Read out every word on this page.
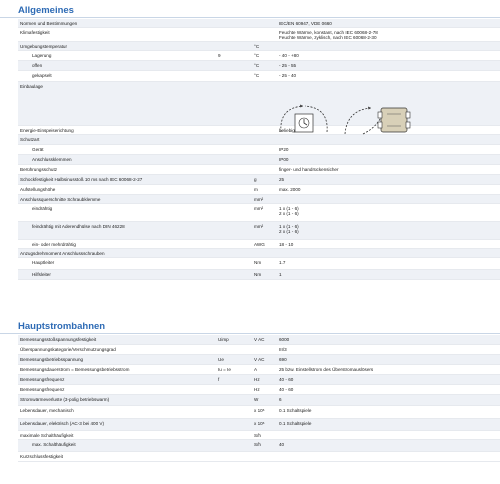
Allgemeines
Normen und Bestimmungen	IEC/EN 60947, VDE 0660
Klimafestigkeit	Feuchte Wärme, konstant, nach IEC 60068-2-78
Feuchte Wärme, zyklisch, nach IEC 60068-2-30
Umgebungstemperatur	°C
Lagerung	9	°C	- 40 - +80
offen	°C	- 25 - 55
gekapselt	°C	- 25 - 40
Einbaulage
Energie-Einspeiserichtung	beliebig
Schutzart
Gerät	IP20
Anschlussklemmen	IP00
Berührungsschutz	finger- und handrückensicher
Schockfestigkeit Halbsinusstoß 10 ms nach IEC 60068-2-27	g	25
Aufstellungshöhe	m	max. 2000
Anschlussquerschnitte Schraubklemme	mm²
eindrähtig	mm²	1 x (1 - 6)
2 x (1 - 6)
feindrähtig mit Aderendhülse nach DIN 46228	mm²	1 x (1 - 6)
2 x (1 - 6)
ein- oder mehrdrähtig	AWG	18 - 10
Anzugsdrehmoment Anschlussschrauben
Hauptleiter	Nm	1.7
Hilfsleiter	Nm	1
Hauptstrombahnen
Bemessungsstoßspannungsfestigkeit	Uimp	V AC	6000
Überspannungskategorie/Verschmutzungsgrad	III/3
Bemessungsbetriebsspannung	Ue	V AC	690
Bemessungsdauerstrom = Bemessungsbetriebsstrom	Iu = Ie	A	25 bzw. Einstellstrom des Überstromauslösers
Bemessungsfrequenz	f	Hz	40 - 60
Bemessungsfrequenz	Hz	40 - 60
Stromwärmeverluste (3-polig betriebswarm)	W	6
Lebensdauer, mechanisch	x 10⁶	0.1 Schaltspiele
Lebensdauer, elektrisch (AC-3 bei 400 V)	x 10⁶	0.1 Schaltspiele
maximale Schalthäufigkeit	S/h
max. Schalthäufigkeit	S/h	40
Kurzschlussfestigkeit
